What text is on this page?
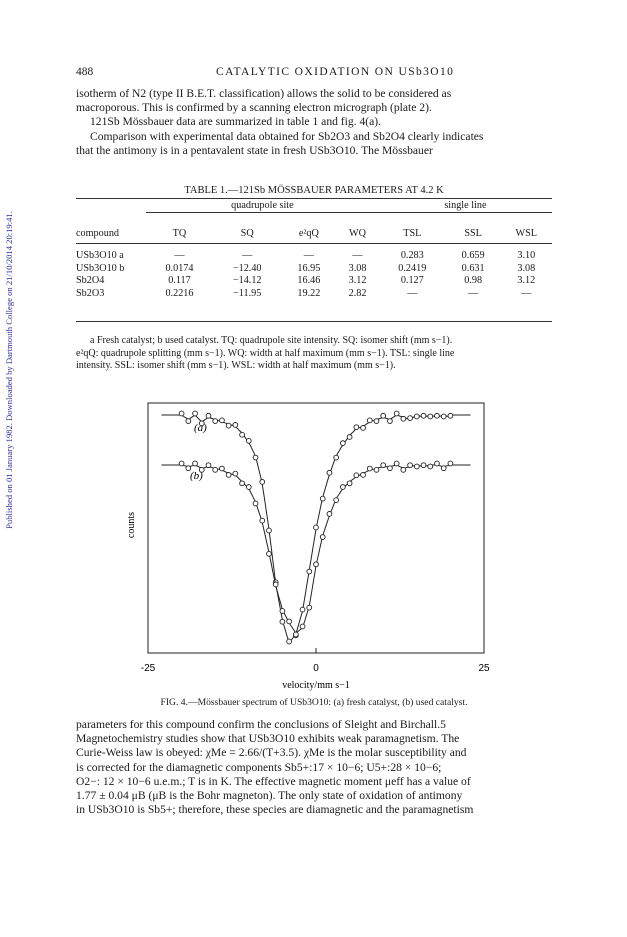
Published on 01 January 1982. Downloaded by Dartmouth College on 21/10/2014 20:19:41.
488	CATALYTIC OXIDATION ON USb3O10
isotherm of N2 (type II B.E.T. classification) allows the solid to be considered as
macroporous. This is confirmed by a scanning electron micrograph (plate 2).
121Sb Mössbauer data are summarized in table 1 and fig. 4(a).
Comparison with experimental data obtained for Sb2O3 and Sb2O4 clearly indicates
that the antimony is in a pentavalent state in fresh USb3O10. The Mössbauer
TABLE 1.—121Sb MÖSSBAUER PARAMETERS AT 4.2 K
	quadrupole site				single line		

compound	TQ	SQ	e²qQ	WQ	TSL	SSL	WSL

USb3O10 a	—	—	—	—	0.283	0.659	3.10
USb3O10 b	0.0174	−12.40	16.95	3.08	0.2419	0.631	3.08
Sb2O4	0.117	−14.12	16.46	3.12	0.127	0.98	3.12
Sb2O3	0.2216	−11.95	19.22	2.82	—	—	—
a Fresh catalyst; b used catalyst. TQ: quadrupole site intensity. SQ: isomer shift (mm s−1).
e²qQ: quadrupole splitting (mm s−1). WQ: width at half maximum (mm s−1). TSL: single line
intensity. SSL: isomer shift (mm s−1). WSL: width at half maximum (mm s−1).
(a)
(b)
counts
-25	0	25
velocity/mm s−1
FIG. 4.—Mössbauer spectrum of USb3O10: (a) fresh catalyst, (b) used catalyst.
parameters for this compound confirm the conclusions of Sleight and Birchall.5
Magnetochemistry studies show that USb3O10 exhibits weak paramagnetism. The
Curie-Weiss law is obeyed: χMe = 2.66/(T+3.5). χMe is the molar susceptibility and
is corrected for the diamagnetic components Sb5+:17 × 10−6; U5+:28 × 10−6;
O2−: 12 × 10−6 u.e.m.; T is in K. The effective magnetic moment μeff has a value of
1.77 ± 0.04 μB (μB is the Bohr magneton). The only state of oxidation of antimony
in USb3O10 is Sb5+; therefore, these species are diamagnetic and the paramagnetism
